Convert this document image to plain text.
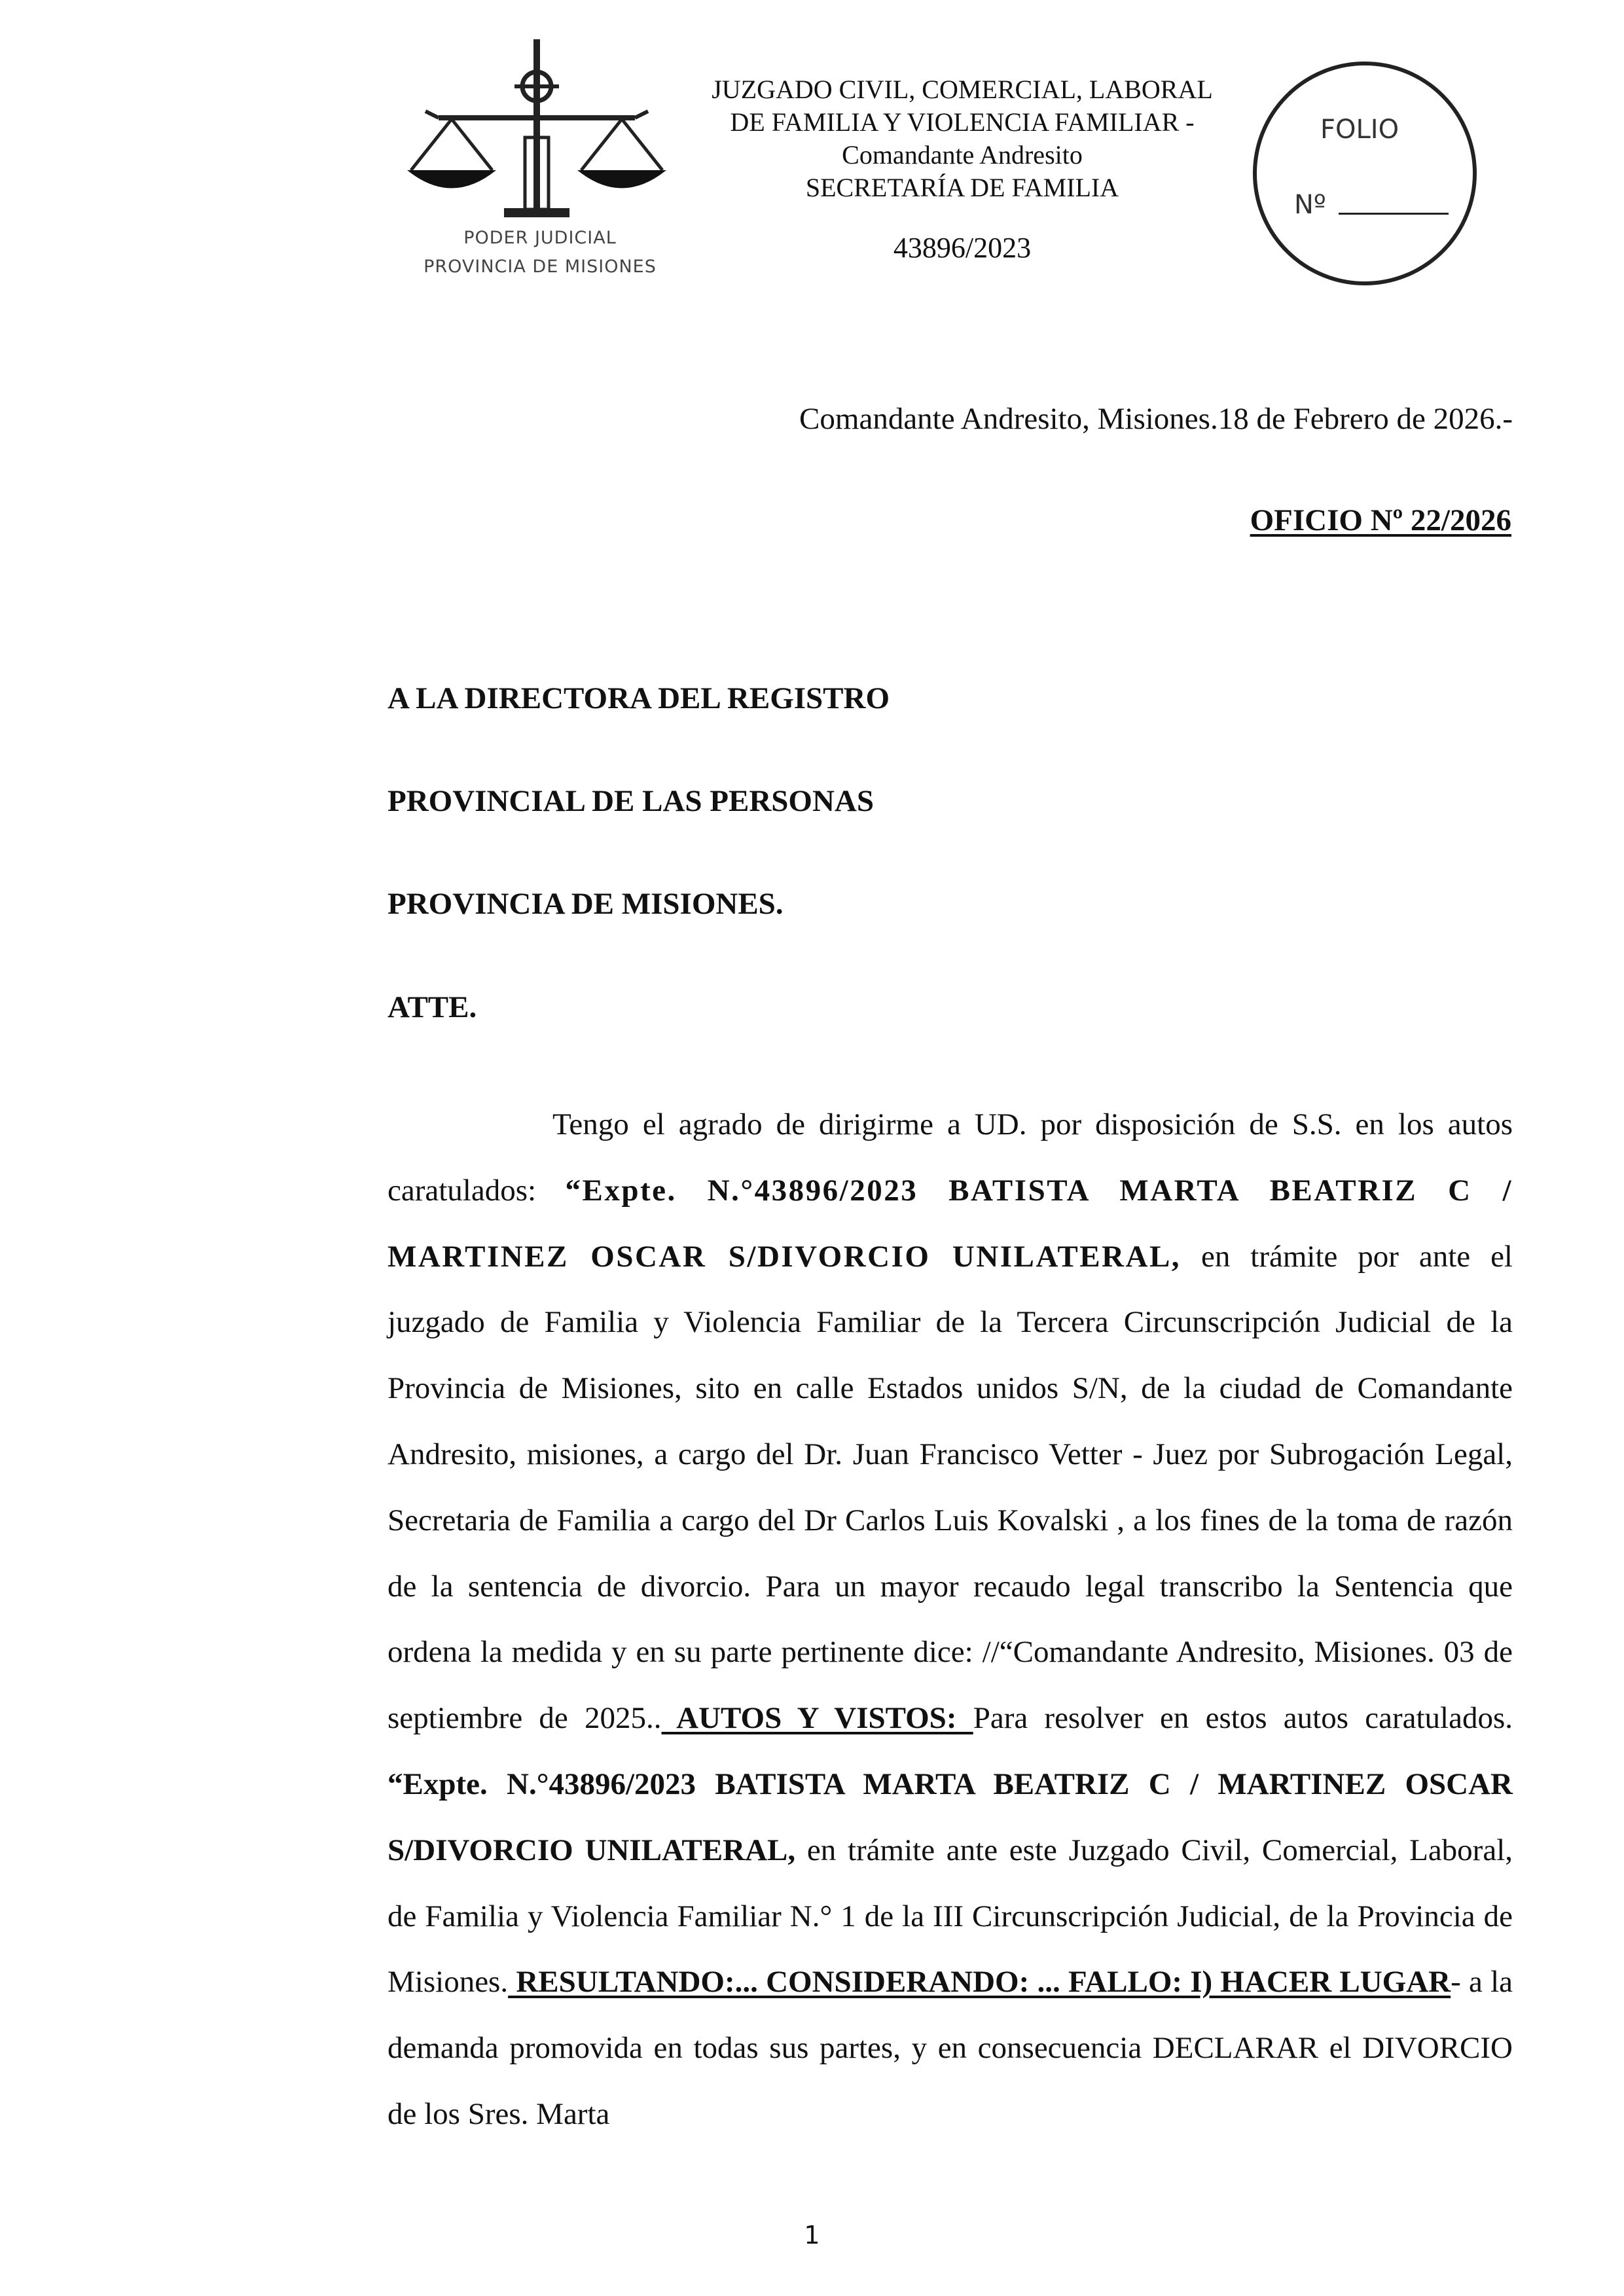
PODER JUDICIAL
PROVINCIA DE MISIONES
JUZGADO CIVIL, COMERCIAL, LABORAL
DE FAMILIA Y VIOLENCIA FAMILIAR -
Comandante Andresito
SECRETARÍA DE FAMILIA
43896/2023
FOLIO
Nº
Comandante Andresito, Misiones.18 de Febrero de 2026.-
OFICIO Nº 22/2026
A LA DIRECTORA DEL REGISTRO
PROVINCIAL DE LAS PERSONAS
PROVINCIA DE MISIONES.
ATTE.
Tengo el agrado de dirigirme a UD. por disposición de S.S. en los autos caratulados: “Expte. N.°43896/2023 BATISTA MARTA BEATRIZ C / MARTINEZ OSCAR S/DIVORCIO UNILATERAL, en trámite por ante el juzgado de Familia y Violencia Familiar de la Tercera Circunscripción Judicial de la Provincia de Misiones, sito en calle Estados unidos S/N, de la ciudad de Comandante Andresito, misiones, a cargo del Dr. Juan Francisco Vetter - Juez por Subrogación Legal, Secretaria de Familia a cargo del Dr Carlos Luis Kovalski , a los fines de la toma de razón de la sentencia de divorcio. Para un mayor recaudo legal transcribo la Sentencia que ordena la medida y en su parte pertinente dice: //“Comandante Andresito, Misiones. 03 de septiembre de 2025.. AUTOS Y VISTOS: Para resolver en estos autos caratulados. “Expte. N.°43896/2023 BATISTA MARTA BEATRIZ C / MARTINEZ OSCAR S/DIVORCIO UNILATERAL, en trámite ante este Juzgado Civil, Comercial, Laboral, de Familia y Violencia Familiar N.° 1 de la III Circunscripción Judicial, de la Provincia de Misiones. RESULTANDO:... CONSIDERANDO: ... FALLO: I) HACER LUGAR- a la demanda promovida en todas sus partes, y en consecuencia DECLARAR el DIVORCIO de los Sres. Marta
1
